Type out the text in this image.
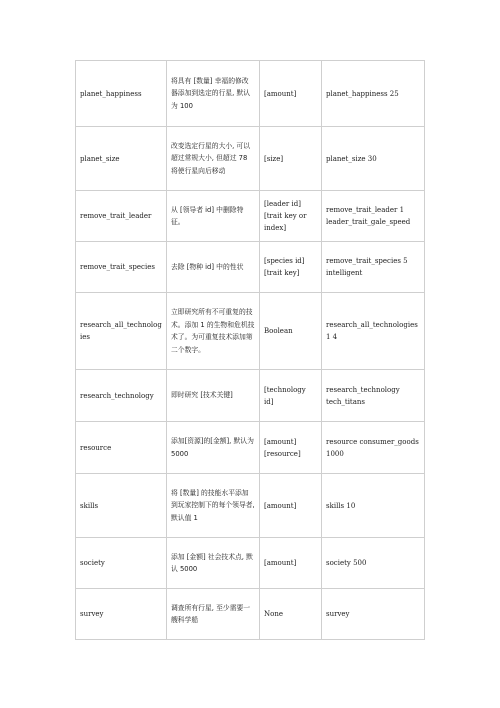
planet_happiness	将具有 [数量] 幸福的修改器添加到选定的行星, 默认为 100	[amount]	planet_happiness 25
planet_size	改变选定行星的大小, 可以超过常规大小, 但超过 78 将使行星向后移动	[size]	planet_size 30
remove_trait_leader	从 [领导者 id] 中删除特征。	[leader id] [trait key or index]	remove_trait_leader 1 leader_trait_gale_speed
remove_trait_species	去除 [物种 id] 中的性状	[species id] [trait key]	remove_trait_species 5 intelligent
research_all_technologies	立即研究所有不可重复的技术。添加 1 的生物和危机技术了。为可重复技术添加第二个数字。	Boolean	research_all_technologies 1 4
research_technology	即时研究 [技术关键]	[technology id]	research_technology tech_titans
resource	添加[资源]的[金额], 默认为 5000	[amount] [resource]	resource consumer_goods 1000
skills	将 [数量] 的技能水平添加到玩家控制下的每个领导者, 默认值 1	[amount]	skills 10
society	添加 [金额] 社会技术点, 默认 5000	[amount]	society 500
survey	调查所有行星, 至少需要一艘科学船	None	survey
